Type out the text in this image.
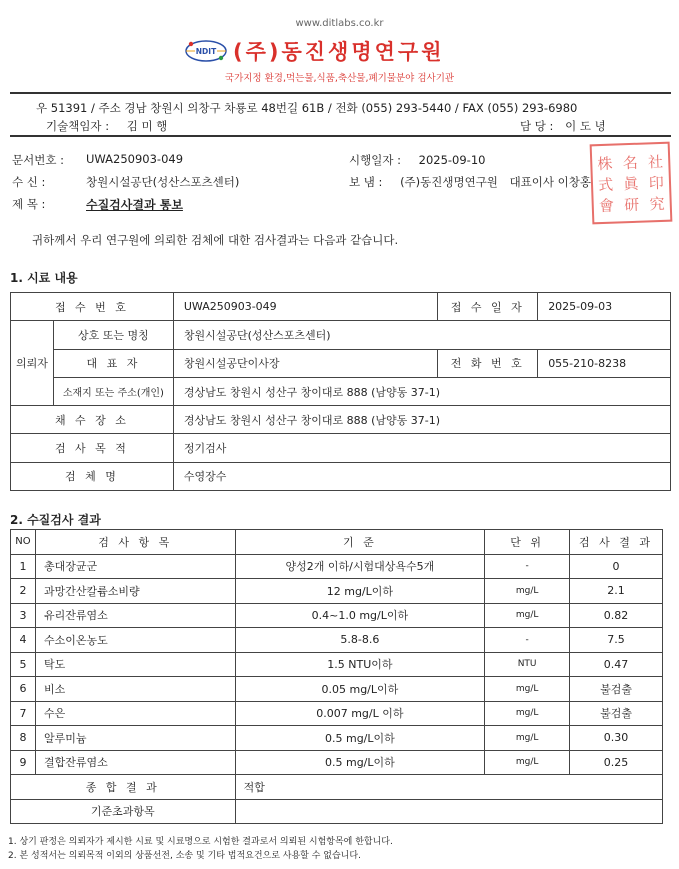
www.ditlabs.co.kr
NDIT (주)동진생명연구원
국가지정 환경,먹는물,식품,축산물,폐기물분야 검사기관
우 51391 / 주소 경남 창원시 의창구 차룡로 48번길 61B / 전화 (055) 293-5440 / FAX (055) 293-6980
기술책임자 : 김 미 행	담 당 : 이 도 녕
문서번호 : UWA250903-049	시행일자 : 2025-09-10
수 신 :	창원시설공단(성산스포츠센터)	보 냄 : (주)동진생명연구원 대표이사 이창홍
제 목 :	수질검사결과 통보
株 名 社
式 眞 印
會 研 究
귀하께서 우리 연구원에 의뢰한 검체에 대한 검사결과는 다음과 같습니다.
1. 시료 내용
접 수 번 호		UWA250903-049	접 수 일 자	2025-09-03
의뢰자	상호 또는 명칭	창원시설공단(성산스포츠센터)		
	대 표 자	창원시설공단이사장	전 화 번 호	055-210-8238
	소재지 또는 주소(개인)	경상남도 창원시 성산구 창이대로 888 (남양동 37-1)		
채 수 장 소		경상남도 창원시 성산구 창이대로 888 (남양동 37-1)		
검 사 목 적		정기검사		
검 체 명		수영장수		
2. 수질검사 결과
NO	검 사 항 목	기 준	단 위	검 사 결 과
1	총대장균군	양성2개 이하/시험대상욕수5개	-	0
2	과망간산칼륨소비량	12 mg/L이하	mg/L	2.1
3	유리잔류염소	0.4~1.0 mg/L이하	mg/L	0.82
4	수소이온농도	5.8-8.6	-	7.5
5	탁도	1.5 NTU이하	NTU	0.47
6	비소	0.05 mg/L이하	mg/L	불검출
7	수은	0.007 mg/L 이하	mg/L	불검출
8	알루미늄	0.5 mg/L이하	mg/L	0.30
9	결합잔류염소	0.5 mg/L이하	mg/L	0.25
종 합 결 과		적합		
기준초과항목				
1. 상기 판정은 의뢰자가 제시한 시료 및 시료명으로 시험한 결과로서 의뢰된 시험항목에 한합니다.
2. 본 성적서는 의뢰목적 이외의 상품선전, 소송 및 기타 법적요건으로 사용할 수 없습니다.
